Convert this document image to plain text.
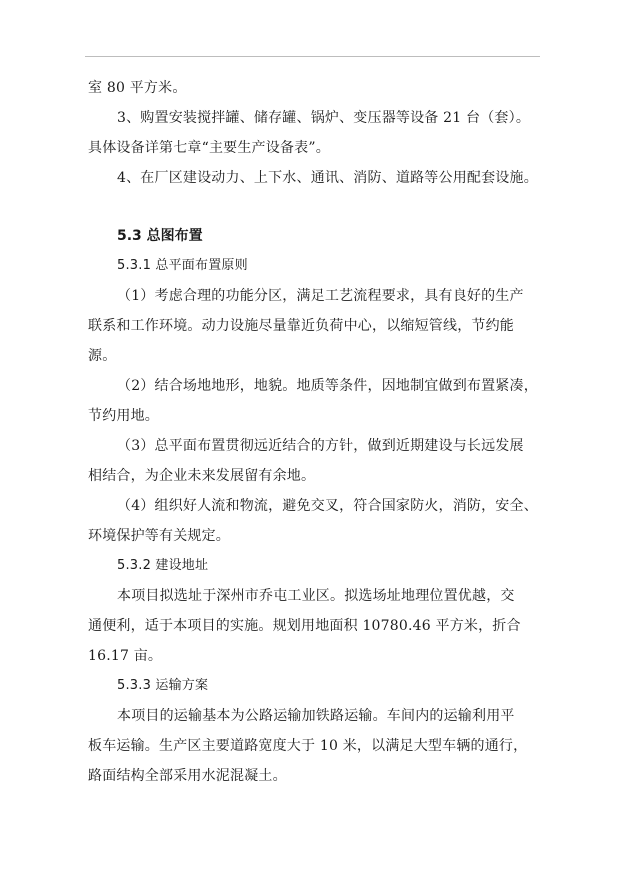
室 80 平方米。
3、购置安装搅拌罐、储存罐、锅炉、变压器等设备 21 台（套）。
具体设备详第七章“主要生产设备表”。
4、在厂区建设动力、上下水、通讯、消防、道路等公用配套设施。
5.3 总图布置
5.3.1 总平面布置原则
（1）考虑合理的功能分区，满足工艺流程要求，具有良好的生产
联系和工作环境。动力设施尽量靠近负荷中心，以缩短管线，节约能
源。
（2）结合场地地形，地貌。地质等条件，因地制宜做到布置紧凑，
节约用地。
（3）总平面布置贯彻远近结合的方针，做到近期建设与长远发展
相结合，为企业未来发展留有余地。
（4）组织好人流和物流，避免交叉，符合国家防火，消防，安全、
环境保护等有关规定。
5.3.2 建设地址
本项目拟选址于深州市乔屯工业区。拟选场址地理位置优越，交
通便利，适于本项目的实施。规划用地面积 10780.46 平方米，折合
16.17 亩。
5.3.3 运输方案
本项目的运输基本为公路运输加铁路运输。车间内的运输利用平
板车运输。生产区主要道路宽度大于 10 米，以满足大型车辆的通行，
路面结构全部采用水泥混凝土。
